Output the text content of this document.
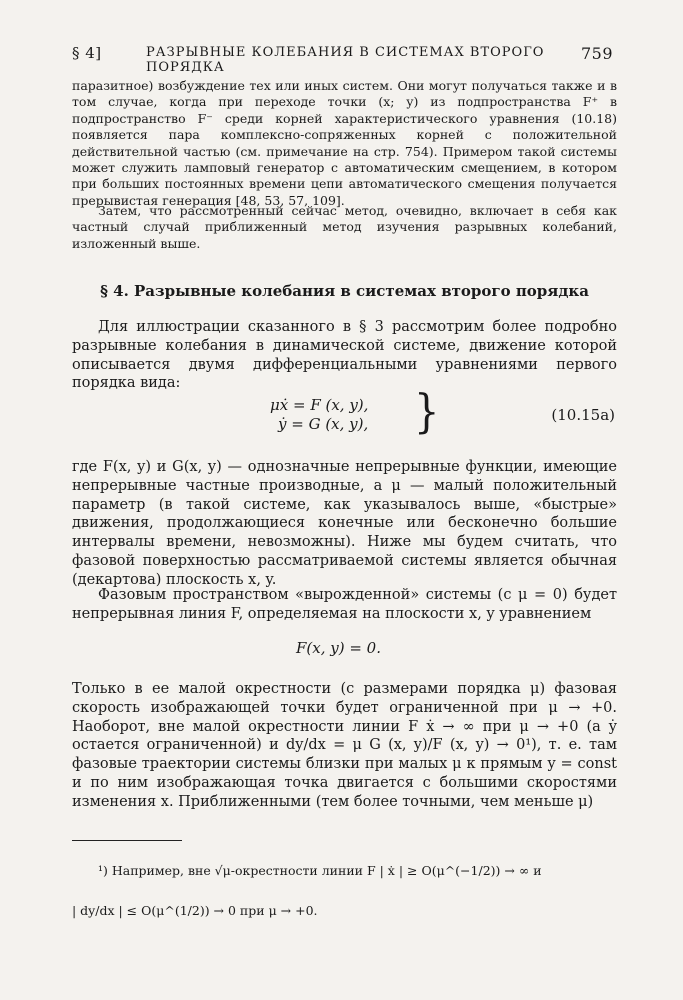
§ 4]	РАЗРЫВНЫЕ КОЛЕБАНИЯ В СИСТЕМАХ ВТОРОГО ПОРЯДКА
759
паразитное) возбуждение тех или иных систем. Они могут получаться также и в том случае, когда при переходе точки (x; y) из подпространства F⁺ в подпространство F⁻ среди корней характеристического уравнения (10.18) появляется пара комплексно-сопряженных корней с положительной действительной частью (см. примечание на стр. 754). Примером такой системы может служить ламповый генератор с автоматическим смещением, в котором при больших постоянных времени цепи автоматического смещения получается прерывистая генерация [48, 53, 57, 109].
Затем, что рассмотренный сейчас метод, очевидно, включает в себя как частный случай приближенный метод изучения разрывных колебаний, изложенный выше.
§ 4. Разрывные колебания в системах второго порядка
Для иллюстрации сказанного в § 3 рассмотрим более подробно разрывные колебания в динамической системе, движение которой описывается двумя дифференциальными уравнениями первого порядка вида:
μẋ = F (x, y),
ẏ = G (x, y),	}	(10.15a)
где F(x, y) и G(x, y) — однозначные непрерывные функции, имеющие непрерывные частные производные, а μ — малый положительный параметр (в такой системе, как указывалось выше, «быстрые» движения, продолжающиеся конечные или бесконечно большие интервалы времени, невозможны). Ниже мы будем считать, что фазовой поверхностью рассматриваемой системы является обычная (декартова) плоскость x, y.
Фазовым пространством «вырожденной» системы (с μ = 0) будет непрерывная линия F, определяемая на плоскости x, y уравнением
F(x, y) = 0.
Только в ее малой окрестности (с размерами порядка μ) фазовая скорость изображающей точки будет ограниченной при μ → +0. Наоборот, вне малой окрестности линии F ẋ → ∞ при μ → +0 (а ẏ остается ограниченной) и dy/dx = μ G (x, y)/F (x, y) → 0¹), т. е. там фазовые траектории системы близки при малых μ к прямым y = const и по ним изображающая точка двигается с большими скоростями изменения x. Приближенными (тем более точными, чем меньше μ)
¹) Например, вне √μ-окрестности линии F | ẋ | ≥ O(μ^(−1/2)) → ∞ и
| dy/dx | ≤ O(μ^(1/2)) → 0 при μ → +0.
